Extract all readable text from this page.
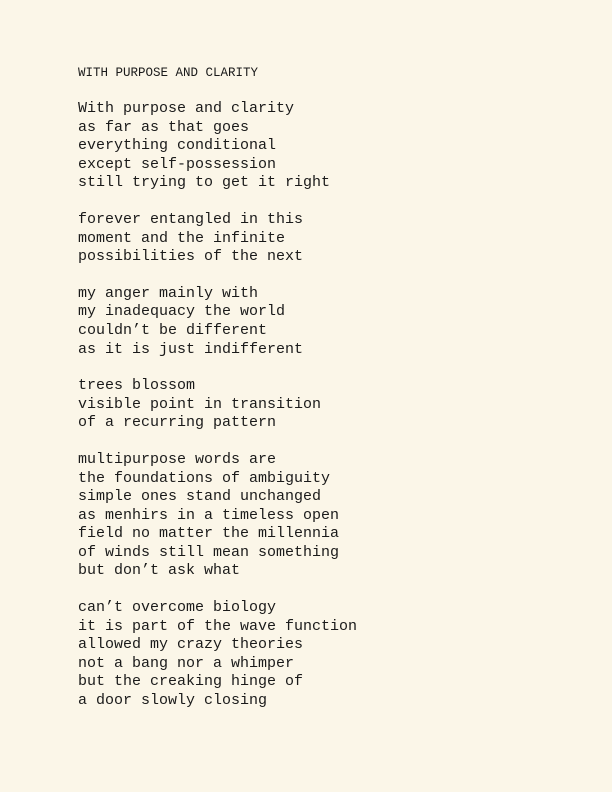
WITH PURPOSE AND CLARITY
With purpose and clarity
as far as that goes
everything conditional
except self-possession
still trying to get it right
forever entangled in this
moment and the infinite
possibilities of the next
my anger mainly with
my inadequacy the world
couldn’t be different
as it is just indifferent
trees blossom
visible point in transition
of a recurring pattern
multipurpose words are
the foundations of ambiguity
simple ones stand unchanged
as menhirs in a timeless open
field no matter the millennia
of winds still mean something
but don’t ask what
can’t overcome biology
it is part of the wave function
allowed my crazy theories
not a bang nor a whimper
but the creaking hinge of
a door slowly closing
